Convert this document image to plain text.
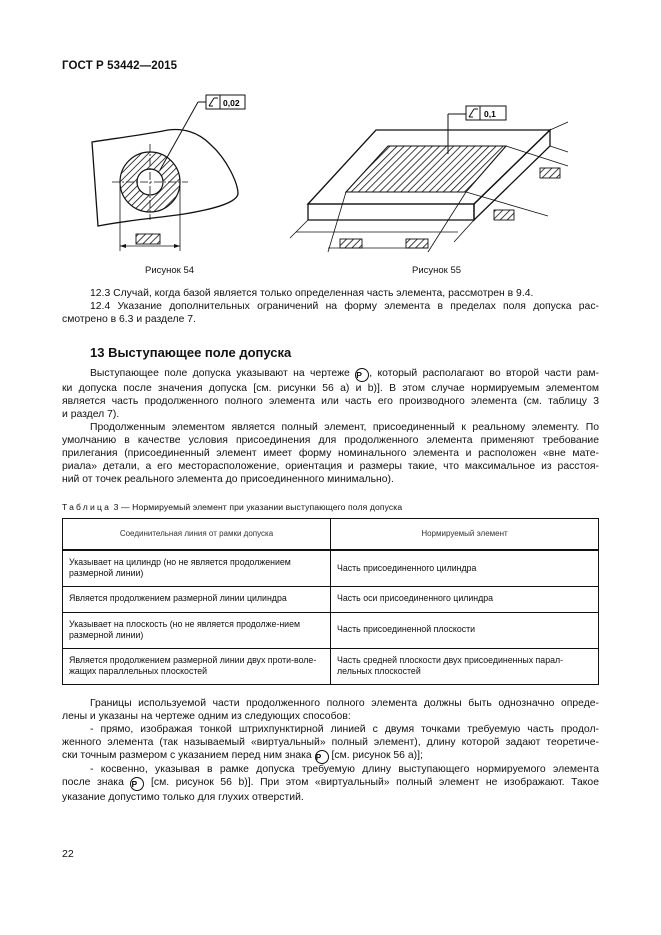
ГОСТ Р 53442—2015
0,02
Рисунок 54
0,1
Рисунок 55
12.3 Случай, когда базой является только определенная часть элемента, рассмотрен в 9.4.
12.4 Указание дополнительных ограничений на форму элемента в пределах поля допуска рас-
смотрено в 6.3 и разделе 7.
13 Выступающее поле допуска
Выступающее поле допуска указывают на чертеже P , который располагают во второй части рам-
ки допуска после значения допуска [см. рисунки 56 а) и b)]. В этом случае нормируемым элементом
является часть продолженного полного элемента или часть его производного элемента (см. таблицу 3
и раздел 7).
Продолженным элементом является полный элемент, присоединенный к реальному элементу. По
умолчанию в качестве условия присоединения для продолженного элемента применяют требование
прилегания (присоединенный элемент имеет форму номинального элемента и расположен «вне мате-
риала» детали, а его месторасположение, ориентация и размеры такие, что максимальное из расстоя-
ний от точек реального элемента до присоединенного минимально).
Таблица 3 — Нормируемый элемент при указании выступающего поля допуска
Соединительная линия от рамки допуска	Нормируемый элемент
Указывает на цилиндр (но не является продолжением размерной линии)	Часть присоединенного цилиндра
Является продолжением размерной линии цилиндра	Часть оси присоединенного цилиндра
Указывает на плоскость (но не является продолже-нием размерной линии)	Часть присоединенной плоскости
Является продолжением размерной линии двух проти-волежащих параллельных плоскостей	Часть средней плоскости двух присоединенных парал-лельных плоскостей
Границы используемой части продолженного полного элемента должны быть однозначно опреде-
лены и указаны на чертеже одним из следующих способов:
- прямо, изображая тонкой штрихпунктирной линией с двумя точками требуемую часть продол-
женного элемента (так называемый «виртуальный» полный элемент), длину которой задают теоретиче-
ски точным размером с указанием перед ним знака P [см. рисунок 56 а)];
- косвенно, указывая в рамке допуска требуемую длину выступающего нормируемого элемента
после знака P [см. рисунок 56 b)]. При этом «виртуальный» полный элемент не изображают. Такое
указание допустимо только для глухих отверстий.
22
